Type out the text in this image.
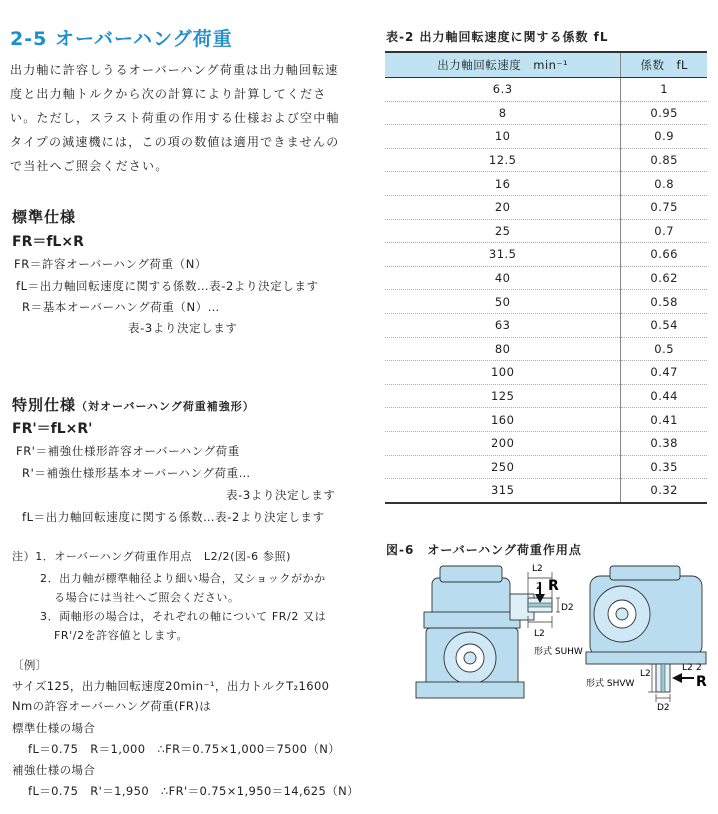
2-5 オーバーハング荷重
出力軸に許容しうるオーバーハング荷重は出力軸回転速
度と出力軸トルクから次の計算により計算してくださ
い。ただし，スラスト荷重の作用する仕様および空中軸
タイプの減速機には，この項の数値は適用できませんの
で当社へご照会ください。
標準仕様
FR＝fL×R
FR＝許容オーバーハング荷重（N）
fL＝出力軸回転速度に関する係数…表-2より決定します
R＝基本オーバーハング荷重（N）…
表-3より決定します
特別仕様（対オーバーハング荷重補強形）
FR'＝fL×R'
FR'＝補強仕様形許容オーバーハング荷重
R'＝補強仕様形基本オーバーハング荷重…
表-3より決定します
fL＝出力軸回転速度に関する係数…表-2より決定します
注）1．オーバーハング荷重作用点　L2/2(図-6 参照)
2．出力軸が標準軸径より細い場合，又ショックがかか
る場合には当社へご照会ください。
3．両軸形の場合は，それぞれの軸について FR/2 又は
FR'/2を許容値とします。
〔例〕
サイズ125，出力軸回転速度20min⁻¹，出力トルクT₂1600
Nmの許容オーバーハング荷重(FR)は
標準仕様の場合
fL＝0.75　R＝1,000　∴FR＝0.75×1,000＝7500（N）
補強仕様の場合
fL＝0.75　R'＝1,950　∴FR'＝0.75×1,950＝14,625（N）
表-2 出力軸回転速度に関する係数 fL
出力軸回転速度　min⁻¹	係数　fL
6.3	1
8	0.95
10	0.9
12.5	0.85
16	0.8
20	0.75
25	0.7
31.5	0.66
40	0.62
50	0.58
63	0.54
80	0.5
100	0.47
125	0.44
160	0.41
200	0.38
250	0.35
315	0.32
図-6　オーバーハング荷重作用点
L2
2 R
L2
D2
形式 SUHW
L2
L2 2
R
D2
形式 SHVW
